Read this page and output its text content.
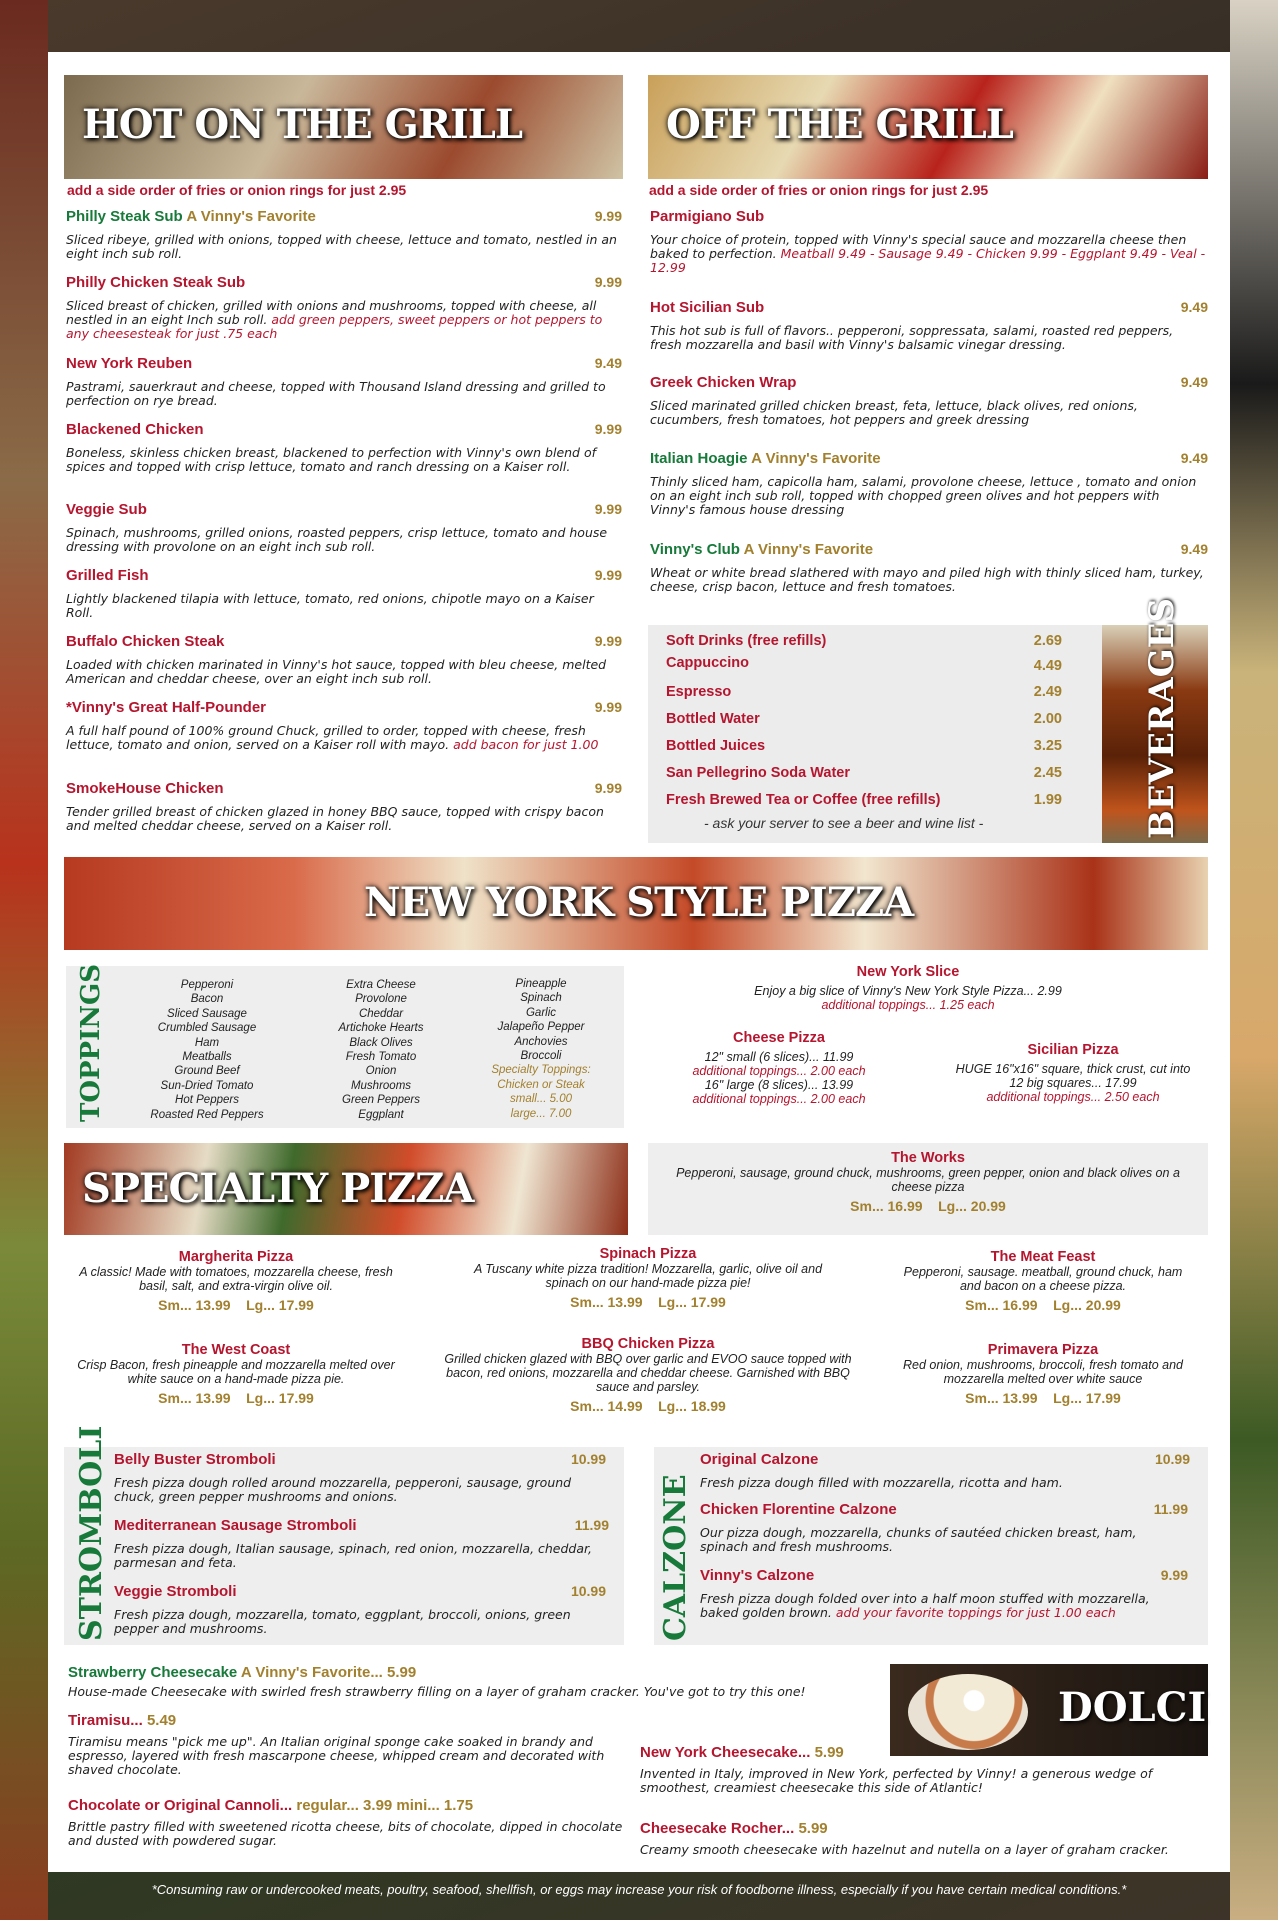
HOT ON THE GRILL
add a side order of fries or onion rings for just 2.95
Philly Steak Sub A Vinny's Favorite	9.99
Sliced ribeye, grilled with onions, topped with cheese, lettuce and tomato, nestled in an eight inch sub roll.
Philly Chicken Steak Sub	9.99
Sliced breast of chicken, grilled with onions and mushrooms, topped with cheese, all nestled in an eight Inch sub roll. add green peppers, sweet peppers or hot peppers to any cheesesteak for just .75 each
New York Reuben	9.49
Pastrami, sauerkraut and cheese, topped with Thousand Island dressing and grilled to perfection on rye bread.
Blackened Chicken	9.99
Boneless, skinless chicken breast, blackened to perfection with Vinny's own blend of spices and topped with crisp lettuce, tomato and ranch dressing on a Kaiser roll.
Veggie Sub	9.99
Spinach, mushrooms, grilled onions, roasted peppers, crisp lettuce, tomato and house dressing with provolone on an eight inch sub roll.
Grilled Fish	9.99
Lightly blackened tilapia with lettuce, tomato, red onions, chipotle mayo on a Kaiser Roll.
Buffalo Chicken Steak	9.99
Loaded with chicken marinated in Vinny's hot sauce, topped with bleu cheese, melted American and cheddar cheese, over an eight inch sub roll.
*Vinny's Great Half-Pounder	9.99
A full half pound of 100% ground Chuck, grilled to order, topped with cheese, fresh lettuce, tomato and onion, served on a Kaiser roll with mayo. add bacon for just 1.00
SmokeHouse Chicken	9.99
Tender grilled breast of chicken glazed in honey BBQ sauce, topped with crispy bacon and melted cheddar cheese, served on a Kaiser roll.
OFF THE GRILL
add a side order of fries or onion rings for just 2.95
Parmigiano Sub
Your choice of protein, topped with Vinny's special sauce and mozzarella cheese then baked to perfection. Meatball 9.49 - Sausage 9.49 - Chicken 9.99 - Eggplant 9.49 - Veal - 12.99
Hot Sicilian Sub	9.49
This hot sub is full of flavors.. pepperoni, soppressata, salami, roasted red peppers, fresh mozzarella and basil with Vinny's balsamic vinegar dressing.
Greek Chicken Wrap	9.49
Sliced marinated grilled chicken breast, feta, lettuce, black olives, red onions, cucumbers, fresh tomatoes, hot peppers and greek dressing
Italian Hoagie A Vinny's Favorite	9.49
Thinly sliced ham, capicolla ham, salami, provolone cheese, lettuce , tomato and onion on an eight inch sub roll, topped with chopped green olives and hot peppers with Vinny's famous house dressing
Vinny's Club A Vinny's Favorite	9.49
Wheat or white bread slathered with mayo and piled high with thinly sliced ham, turkey, cheese, crisp bacon, lettuce and fresh tomatoes.
BEVERAGES
Soft Drinks (free refills)	2.69
Cappuccino	4.49
Espresso	2.49
Bottled Water	2.00
Bottled Juices	3.25
San Pellegrino Soda Water	2.45
Fresh Brewed Tea or Coffee (free refills)	1.99
- ask your server to see a beer and wine list -
NEW YORK STYLE PIZZA
TOPPINGS	Pepperoni
Bacon
Sliced Sausage
Crumbled Sausage
Ham
Meatballs
Ground Beef
Sun-Dried Tomato
Hot Peppers
Roasted Red Peppers
Extra Cheese
Provolone
Cheddar
Artichoke Hearts
Black Olives
Fresh Tomato
Onion
Mushrooms
Green Peppers
Eggplant
Pineapple
Spinach
Garlic
Jalapeño Pepper
Anchovies
Broccoli
Specialty Toppings:
Chicken or Steak
small... 5.00
large... 7.00
New York Slice
Enjoy a big slice of Vinny's New York Style Pizza... 2.99
additional toppings... 1.25 each
Cheese Pizza
12" small (6 slices)... 11.99
additional toppings... 2.00 each
16" large (8 slices)... 13.99
additional toppings... 2.00 each
Sicilian Pizza
HUGE 16"x16" square, thick crust, cut into 12 big squares... 17.99
additional toppings... 2.50 each
SPECIALTY PIZZA
The Works
Pepperoni, sausage, ground chuck, mushrooms, green pepper, onion and black olives on a cheese pizza
Sm... 16.99 Lg... 20.99
Margherita Pizza
A classic! Made with tomatoes, mozzarella cheese, fresh basil, salt, and extra-virgin olive oil.
Sm... 13.99 Lg... 17.99
Spinach Pizza
A Tuscany white pizza tradition! Mozzarella, garlic, olive oil and spinach on our hand-made pizza pie!
Sm... 13.99 Lg... 17.99
The Meat Feast
Pepperoni, sausage. meatball, ground chuck, ham and bacon on a cheese pizza.
Sm... 16.99 Lg... 20.99
The West Coast
Crisp Bacon, fresh pineapple and mozzarella melted over white sauce on a hand-made pizza pie.
Sm... 13.99 Lg... 17.99
BBQ Chicken Pizza
Grilled chicken glazed with BBQ over garlic and EVOO sauce topped with bacon, red onions, mozzarella and cheddar cheese. Garnished with BBQ sauce and parsley.
Sm... 14.99 Lg... 18.99
Primavera Pizza
Red onion, mushrooms, broccoli, fresh tomato and mozzarella melted over white sauce
Sm... 13.99 Lg... 17.99
STROMBOLI Belly Buster Stromboli	10.99
Fresh pizza dough rolled around mozzarella, pepperoni, sausage, ground chuck, green pepper mushrooms and onions.
Mediterranean Sausage Stromboli	11.99
Fresh pizza dough, Italian sausage, spinach, red onion, mozzarella, cheddar, parmesan and feta.
Veggie Stromboli	10.99
Fresh pizza dough, mozzarella, tomato, eggplant, broccoli, onions, green pepper and mushrooms.	CALZONE
Original Calzone	10.99
Fresh pizza dough filled with mozzarella, ricotta and ham.
Chicken Florentine Calzone	11.99
Our pizza dough, mozzarella, chunks of sautéed chicken breast, ham, spinach and fresh mushrooms.
Vinny's Calzone	9.99
Fresh pizza dough folded over into a half moon stuffed with mozzarella, baked golden brown. add your favorite toppings for just 1.00 each
Strawberry Cheesecake A Vinny's Favorite... 5.99
House-made Cheesecake with swirled fresh strawberry filling on a layer of graham cracker. You've got to try this one!
Tiramisu... 5.49
Tiramisu means "pick me up". An Italian original sponge cake soaked in brandy and espresso, layered with fresh mascarpone cheese, whipped cream and decorated with shaved chocolate.
Chocolate or Original Cannoli... regular... 3.99 mini... 1.75
Brittle pastry filled with sweetened ricotta cheese, bits of chocolate, dipped in chocolate and dusted with powdered sugar.
DOLCI
New York Cheesecake... 5.99
Invented in Italy, improved in New York, perfected by Vinny! a generous wedge of smoothest, creamiest cheesecake this side of Atlantic!
Cheesecake Rocher... 5.99
Creamy smooth cheesecake with hazelnut and nutella on a layer of graham cracker.
*Consuming raw or undercooked meats, poultry, seafood, shellfish, or eggs may increase your risk of foodborne illness, especially if you have certain medical conditions.*
